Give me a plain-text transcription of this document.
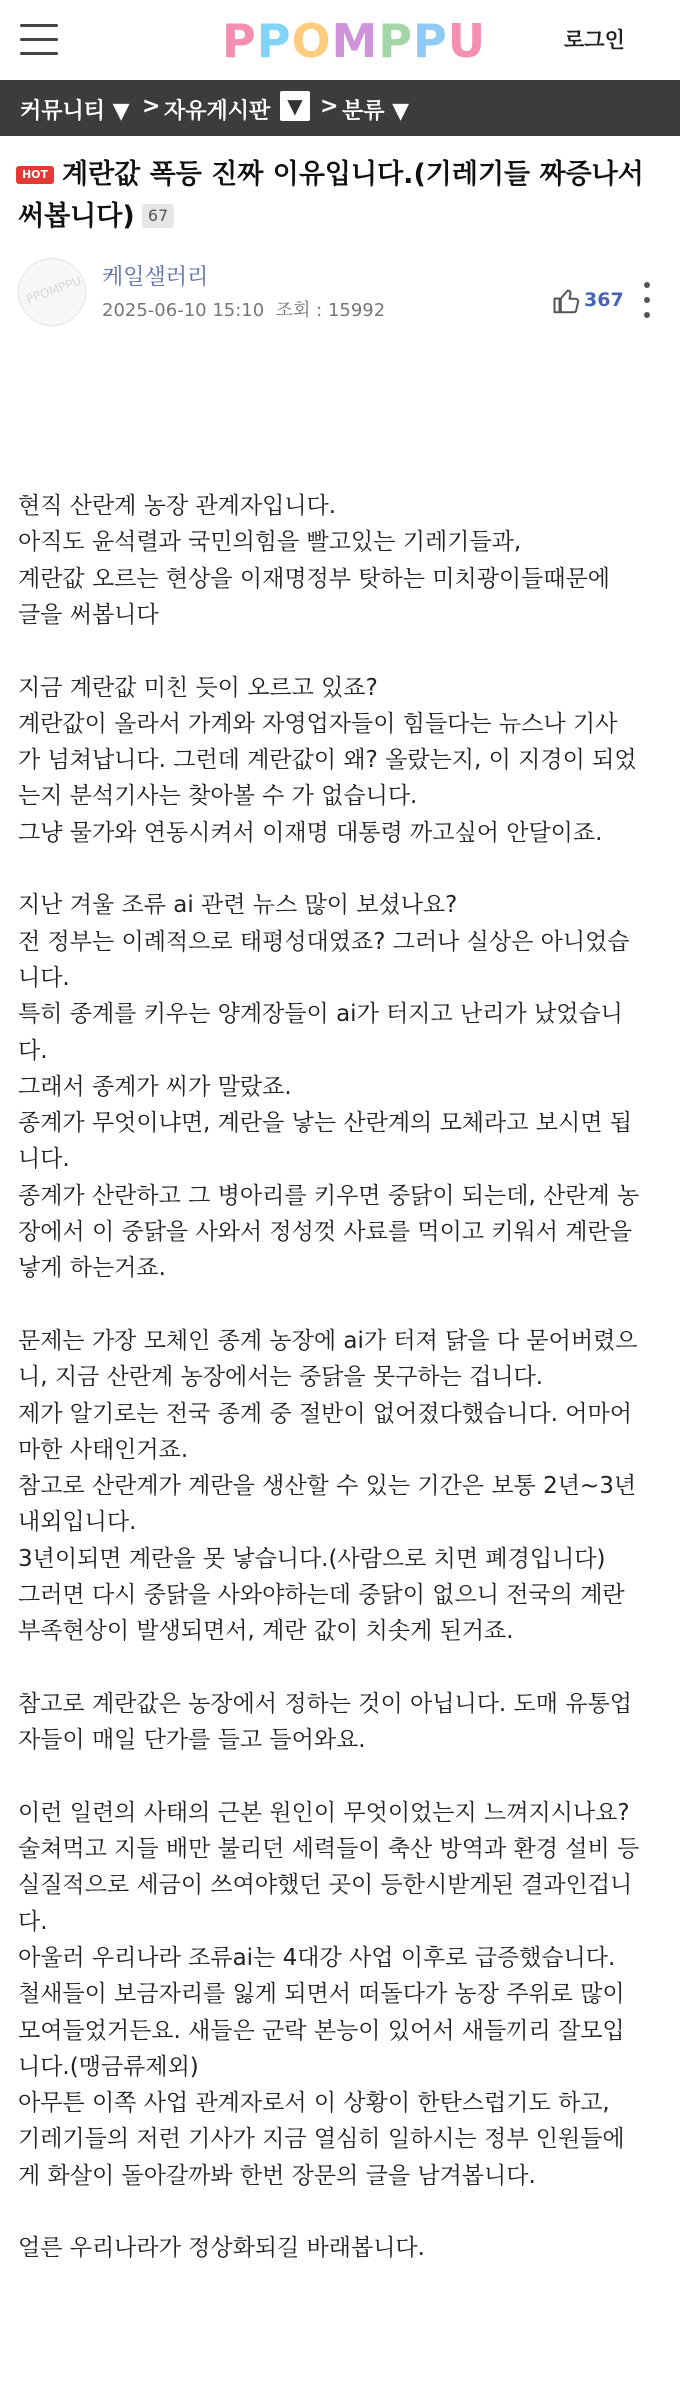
PPOMPPU	로그인
커뮤니티 ▼ > 자유게시판 ▼ > 분류 ▼
HOT 계란값 폭등 진짜 이유입니다.(기레기들 짜증나서
써봅니다) 67
PPOMPPU 케일샐러리
2025-06-10 15:10 조회 : 15992	367
현직 산란계 농장 관계자입니다.
아직도 윤석렬과 국민의힘을 빨고있는 기레기들과,
계란값 오르는 현상을 이재명정부 탓하는 미치광이들때문에
글을 써봅니다
지금 계란값 미친 듯이 오르고 있죠?
계란값이 올라서 가계와 자영업자들이 힘들다는 뉴스나 기사
가 넘쳐납니다. 그런데 계란값이 왜? 올랐는지, 이 지경이 되었
는지 분석기사는 찾아볼 수 가 없습니다.
그냥 물가와 연동시켜서 이재명 대통령 까고싶어 안달이죠.
지난 겨울 조류 ai 관련 뉴스 많이 보셨나요?
전 정부는 이례적으로 태평성대였죠? 그러나 실상은 아니었습
니다.
특히 종계를 키우는 양계장들이 ai가 터지고 난리가 났었습니
다.
그래서 종계가 씨가 말랐죠.
종계가 무엇이냐면, 계란을 낳는 산란계의 모체라고 보시면 됩
니다.
종계가 산란하고 그 병아리를 키우면 중닭이 되는데, 산란계 농
장에서 이 중닭을 사와서 정성껏 사료를 먹이고 키워서 계란을
낳게 하는거죠.
문제는 가장 모체인 종계 농장에 ai가 터져 닭을 다 묻어버렸으
니, 지금 산란계 농장에서는 중닭을 못구하는 겁니다.
제가 알기로는 전국 종계 중 절반이 없어졌다했습니다. 어마어
마한 사태인거죠.
참고로 산란계가 계란을 생산할 수 있는 기간은 보통 2년~3년
내외입니다.
3년이되면 계란을 못 낳습니다.(사람으로 치면 폐경입니다)
그러면 다시 중닭을 사와야하는데 중닭이 없으니 전국의 계란
부족현상이 발생되면서, 계란 값이 치솟게 된거죠.
참고로 계란값은 농장에서 정하는 것이 아닙니다. 도매 유통업
자들이 매일 단가를 들고 들어와요.
이런 일련의 사태의 근본 원인이 무엇이었는지 느껴지시나요?
술쳐먹고 지들 배만 불리던 세력들이 축산 방역과 환경 설비 등
실질적으로 세금이 쓰여야했던 곳이 등한시받게된 결과인겁니
다.
아울러 우리나라 조류ai는 4대강 사업 이후로 급증했습니다.
철새들이 보금자리를 잃게 되면서 떠돌다가 농장 주위로 많이
모여들었거든요. 새들은 군락 본능이 있어서 새들끼리 잘모입
니다.(맹금류제외)
아무튼 이쪽 사업 관계자로서 이 상황이 한탄스럽기도 하고,
기레기들의 저런 기사가 지금 열심히 일하시는 정부 인원들에
게 화살이 돌아갈까봐 한번 장문의 글을 남겨봅니다.
얼른 우리나라가 정상화되길 바래봅니다.
